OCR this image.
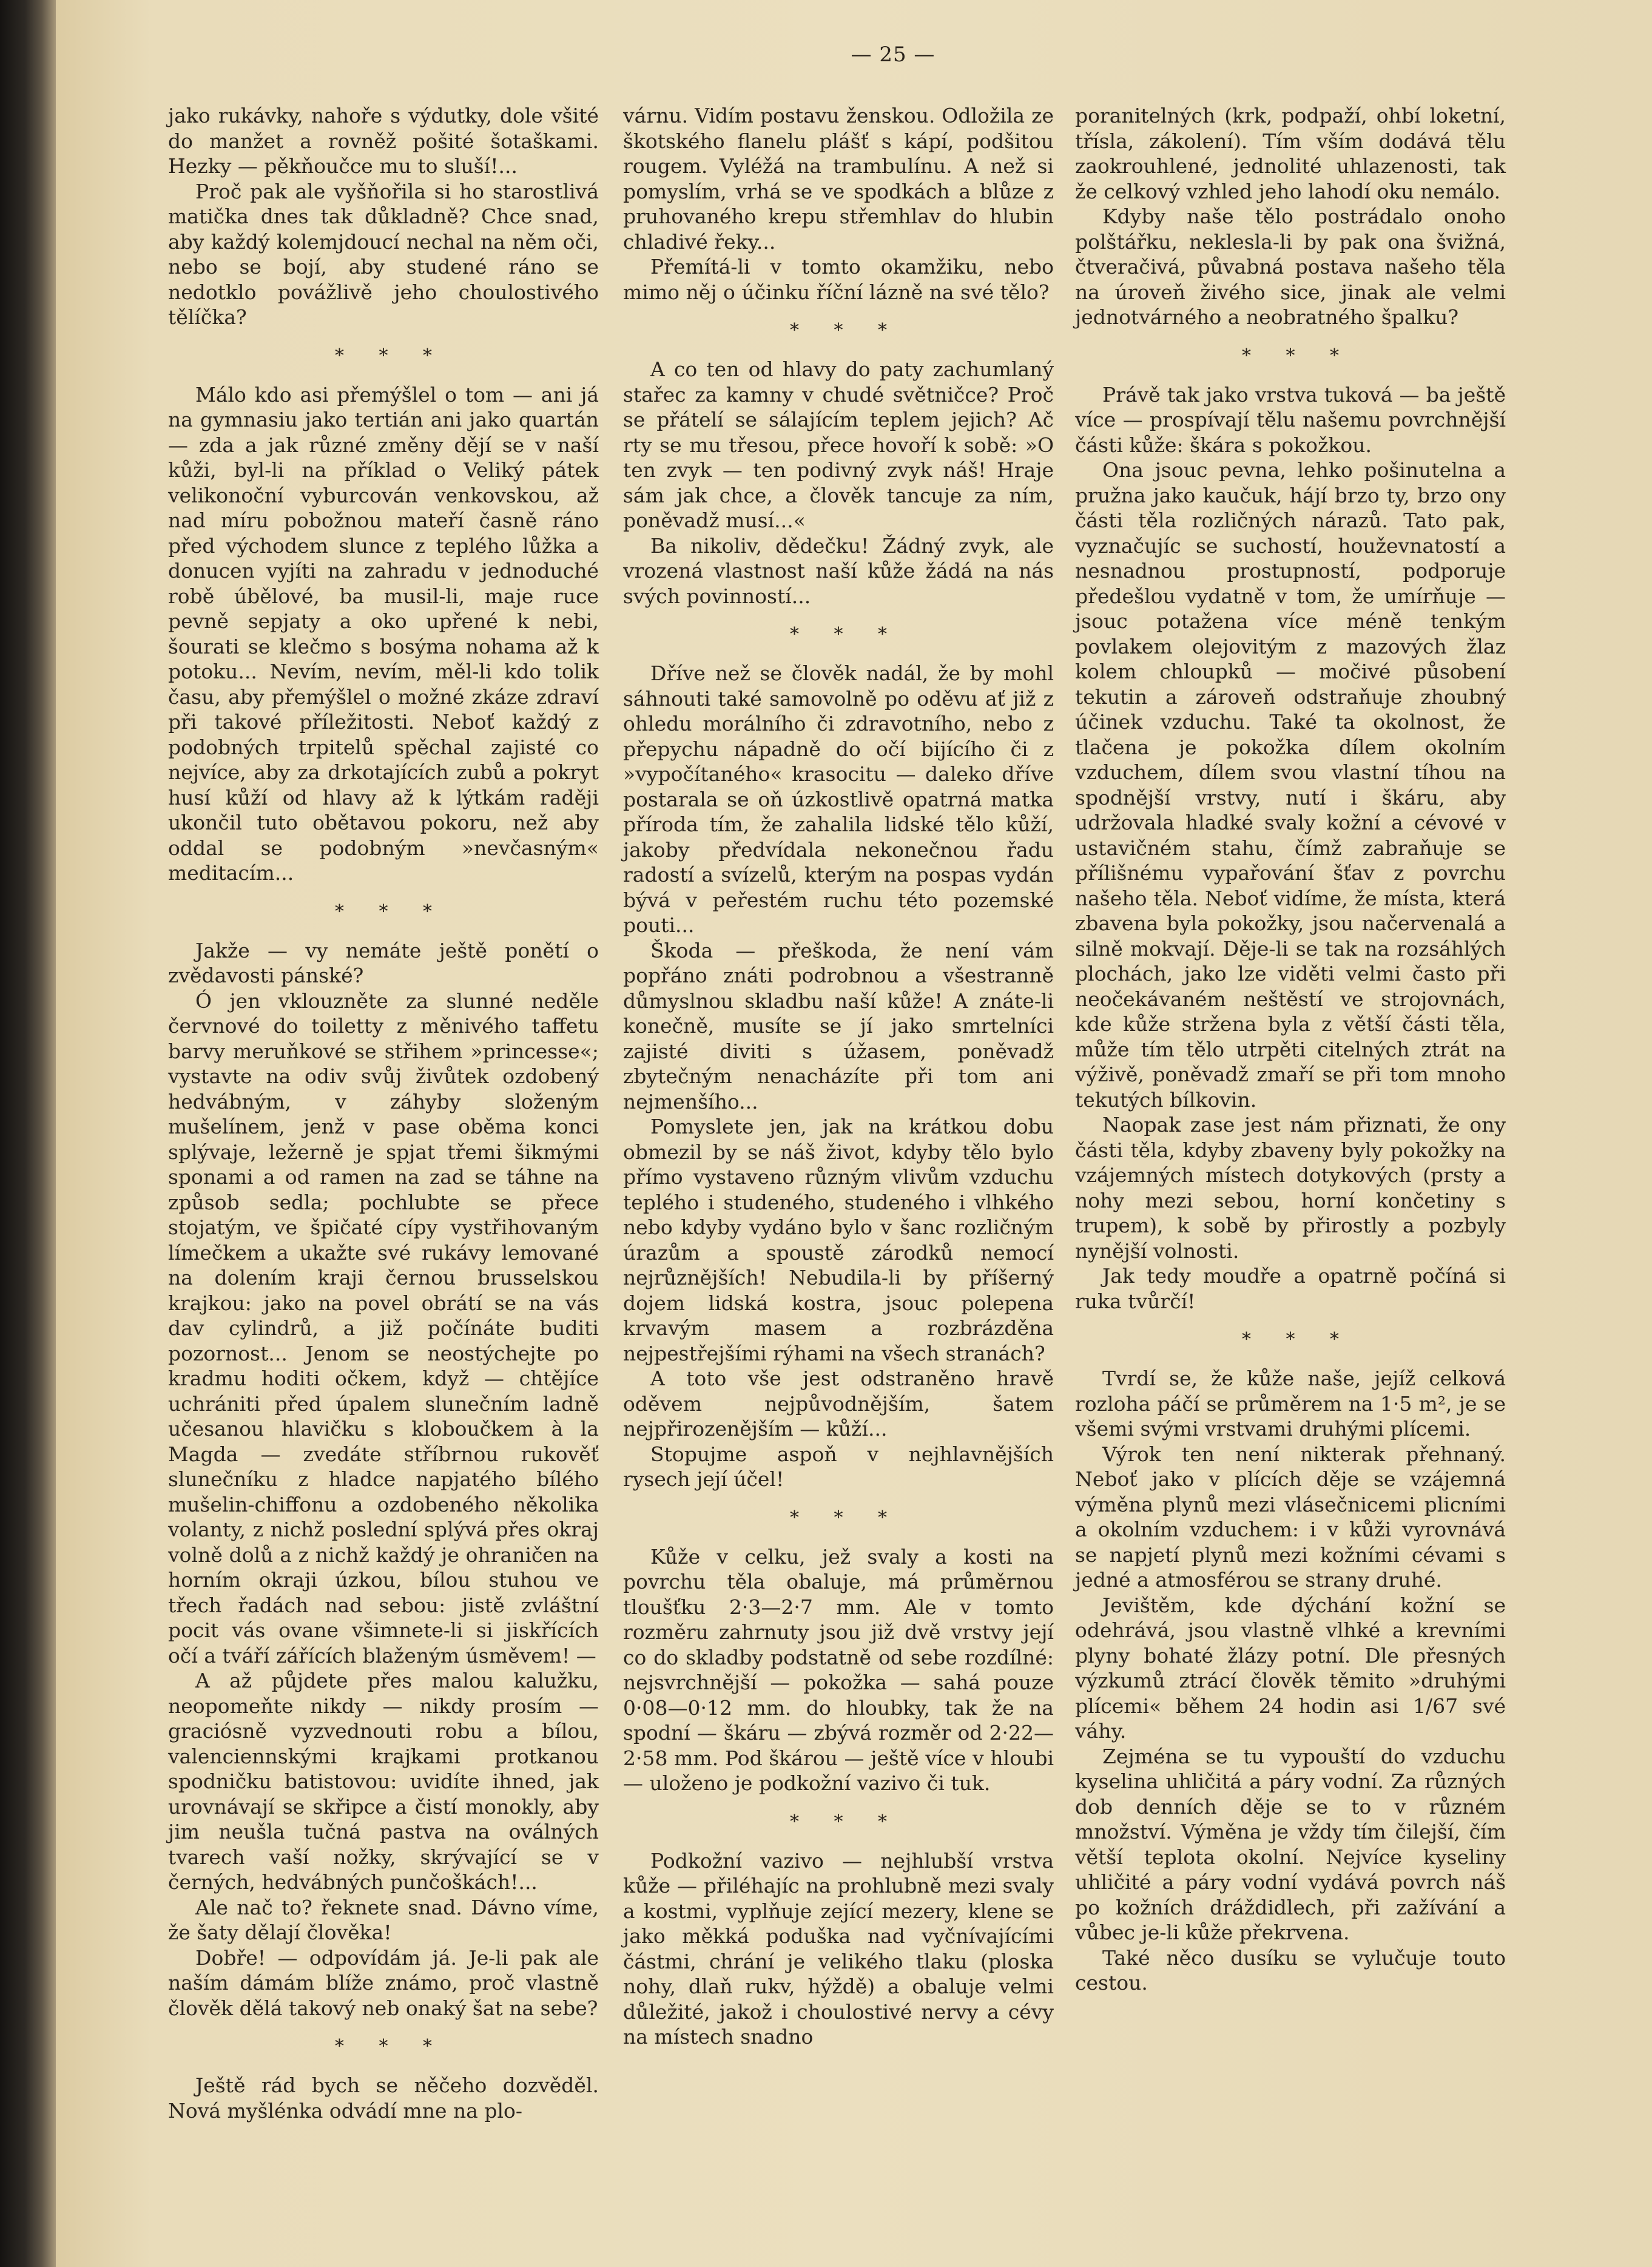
— 25 —

jako rukávky, nahoře s výdutky, dole všité do manžet a rovněž pošité šotaškami. Hezky — pěkňoučce mu to sluší!...

Proč pak ale vyšňořila si ho starostlivá matička dnes tak důkladně? Chce snad, aby každý kolemjdoucí nechal na něm oči, nebo se bojí, aby studené ráno se nedotklo povážlivě jeho choulostivého tělíčka?

* * *

Málo kdo asi přemýšlel o tom — ani já na gymnasiu jako tertián ani jako quartán — zda a jak různé změny dějí se v naší kůži, byl-li na příklad o Veliký pátek velikonoční vyburcován venkovskou, až nad míru pobožnou mateří časně ráno před východem slunce z teplého lůžka a donucen vyjíti na zahradu v jednoduché robě úbělové, ba musil-li, maje ruce pevně sepjaty a oko upřené k nebi, šourati se klečmo s bosýma nohama až k potoku... Nevím, nevím, měl-li kdo tolik času, aby přemýšlel o možné zkáze zdraví při takové příležitosti. Neboť každý z podobných trpitelů spěchal zajisté co nejvíce, aby za drkotajících zubů a pokryt husí kůží od hlavy až k lýtkám raději ukončil tuto obětavou pokoru, než aby oddal se podobným »nevčasným« meditacím...

* * *

Jakže — vy nemáte ještě ponětí o zvědavosti pánské?

Ó jen vklouzněte za slunné neděle červnové do toiletty z měnivého taffetu barvy meruňkové se střihem »princesse«; vystavte na odiv svůj živůtek ozdobený hedvábným, v záhyby složeným mušelínem, jenž v pase oběma konci splývaje, ležerně je spjat třemi šikmými sponami a od ramen na zad se táhne na způsob sedla; pochlubte se přece stojatým, ve špičaté cípy vystřihovaným límečkem a ukažte své rukávy lemované na dolením kraji černou brusselskou krajkou: jako na povel obrátí se na vás dav cylindrů, a již počínáte buditi pozornost... Jenom se neostýchejte po kradmu hoditi očkem, když — chtějíce uchrániti před úpalem slunečním ladně učesanou hlavičku s kloboučkem à la Magda — zvedáte stříbrnou rukověť slunečníku z hladce napjatého bílého mušelin-chiffonu a ozdobeného několika volanty, z nichž poslední splývá přes okraj volně dolů a z nichž každý je ohraničen na horním okraji úzkou, bílou stuhou ve třech řadách nad sebou: jistě zvláštní pocit vás ovane všimnete-li si jiskřících očí a tváří zářících blaženým úsměvem! —

A až půjdete přes malou kalužku, neopomeňte nikdy — nikdy prosím — graciósně vyzvednouti robu a bílou, valenciennskými krajkami protkanou spodničku batistovou: uvidíte ihned, jak urovnávají se skřipce a čistí monokly, aby jim neušla tučná pastva na oválných tvarech vaší nožky, skrývající se v černých, hedvábných punčoškách!...

Ale nač to? řeknete snad. Dávno víme, že šaty dělají člověka!

Dobře! — odpovídám já. Je-li pak ale naším dámám blíže známo, proč vlastně člověk dělá takový neb onaký šat na sebe?

* * *

Ještě rád bych se něčeho dozvěděl. Nová myšlénka odvádí mne na plo-

várnu. Vidím postavu ženskou. Odložila ze škotského flanelu plášť s kápí, podšitou rougem. Vyléžá na trambulínu. A než si pomyslím, vrhá se ve spodkách a blůze z pruhovaného krepu střemhlav do hlubin chladivé řeky...

Přemítá-li v tomto okamžiku, nebo mimo něj o účinku říční lázně na své tělo?

* * *

A co ten od hlavy do paty zachumlaný stařec za kamny v chudé světničce? Proč se přátelí se sálajícím teplem jejich? Ač rty se mu třesou, přece hovoří k sobě: »O ten zvyk — ten podivný zvyk náš! Hraje sám jak chce, a člověk tancuje za ním, poněvadž musí...«

Ba nikoliv, dědečku! Žádný zvyk, ale vrozená vlastnost naší kůže žádá na nás svých povinností...

* * *

Dříve než se člověk nadál, že by mohl sáhnouti také samovolně po oděvu ať již z ohledu morálního či zdravotního, nebo z přepychu nápadně do očí bijícího či z »vypočítaného« krasocitu — daleko dříve postarala se oň úzkostlivě opatrná matka příroda tím, že zahalila lidské tělo kůží, jakoby předvídala nekonečnou řadu radostí a svízelů, kterým na pospas vydán bývá v peřestém ruchu této pozemské pouti...

Škoda — přeškoda, že není vám popřáno znáti podrobnou a všestranně důmyslnou skladbu naší kůže! A znáte-li konečně, musíte se jí jako smrtelníci zajisté diviti s úžasem, poněvadž zbytečným nenacházíte při tom ani nejmenšího...

Pomyslete jen, jak na krátkou dobu obmezil by se náš život, kdyby tělo bylo přímo vystaveno různým vlivům vzduchu teplého i studeného, studeného i vlhkého nebo kdyby vydáno bylo v šanc rozličným úrazům a spoustě zárodků nemocí nejrůznějších! Nebudila-li by příšerný dojem lidská kostra, jsouc polepena krvavým masem a rozbrázděna nejpestřejšími rýhami na všech stranách?

A toto vše jest odstraněno hravě oděvem nejpůvodnějším, šatem nejpřirozenějším — kůží...

Stopujme aspoň v nejhlavnějších rysech její účel!

* * *

Kůže v celku, jež svaly a kosti na povrchu těla obaluje, má průměrnou tloušťku 2·3—2·7 mm. Ale v tomto rozměru zahrnuty jsou již dvě vrstvy její co do skladby podstatně od sebe rozdílné: nejsvrchnější — pokožka — sahá pouze 0·08—0·12 mm. do hloubky, tak že na spodní — škáru — zbývá rozměr od 2·22—2·58 mm. Pod škárou — ještě více v hloubi — uloženo je podkožní vazivo či tuk.

* * *

Podkožní vazivo — nejhlubší vrstva kůže — přiléhajíc na prohlubně mezi svaly a kostmi, vyplňuje zející mezery, klene se jako měkká poduška nad vyčnívajícími částmi, chrání je velikého tlaku (ploska nohy, dlaň rukv, hýždě) a obaluje velmi důležité, jakož i choulostivé nervy a cévy na místech snadno

poranitelných (krk, podpaží, ohbí loketní, tříslа, zákolení). Tím vším dodává tělu zaokrouhlené, jednolité uhlazenosti, tak že celkový vzhled jeho lahodí oku nemálo.

Kdyby naše tělo postrádalo onoho polštářku, neklesla-li by pak ona švižná, čtveračivá, půvabná postava našeho těla na úroveň živého sice, jinak ale velmi jednotvárného a neobratného špalku?

* * *

Právě tak jako vrstva tuková — ba ještě více — prospívají tělu našemu povrchnější části kůže: škára s pokožkou.

Ona jsouc pevna, lehko pošinutelna a pružna jako kaučuk, hájí brzo ty, brzo ony části těla rozličných nárazů. Tato pak, vyznačujíc se suchostí, houževnatostí a nesnadnou prostupností, podporuje předešlou vydatně v tom, že umírňuje — jsouc potažena více méně tenkým povlakem olejovitým z mazových žlaz kolem chloupků — močivé působení tekutin a zároveň odstraňuje zhoubný účinek vzduchu. Také ta okolnost, že tlačena je pokožka dílem okolním vzduchem, dílem svou vlastní tíhou na spodnější vrstvy, nutí i škáru, aby udržovala hladké svaly kožní a cévové v ustavičném stahu, čímž zabraňuje se přílišnému vypařování šťav z povrchu našeho těla. Neboť vidíme, že místa, která zbavena byla pokožky, jsou načervenalá a silně mokvají. Děje-li se tak na rozsáhlých plochách, jako lze viděti velmi často při neočekávaném neštěstí ve strojovnách, kde kůže stržena byla z větší části těla, může tím tělo utrpěti citelných ztrát na výživě, poněvadž zmaří se při tom mnoho tekutých bílkovin.

Naopak zase jest nám přiznati, že ony části těla, kdyby zbaveny byly pokožky na vzájemných místech dotykových (prsty a nohy mezi sebou, horní končetiny s trupem), k sobě by přirostly a pozbyly nynější volnosti.

Jak tedy moudře a opatrně počíná si ruka tvůrčí!

* * *

Tvrdí se, že kůže naše, jejíž celková rozloha páčí se průměrem na 1·5 m², je se všemi svými vrstvami druhými plícemi.

Výrok ten není nikterak přehnaný. Neboť jako v plících děje se vzájemná výměna plynů mezi vlásečnicemi plicními a okolním vzduchem: i v kůži vyrovnává se napjetí plynů mezi kožními cévami s jedné a atmosférou se strany druhé.

Jevištěm, kde dýchání kožní se odehrává, jsou vlastně vlhké a krevními plyny bohaté žlázy potní. Dle přesných výzkumů ztrácí člověk těmito »druhými plícemi« během 24 hodin asi 1/67 své váhy.

Zejména se tu vypouští do vzduchu kyselina uhličitá a páry vodní. Za různých dob denních děje se to v různém množství. Výměna je vždy tím čilejší, čím větší teplota okolní. Nejvíce kyseliny uhličité a páry vodní vydává povrch náš po kožních dráždidlech, při zažívání a vůbec je-li kůže překrvena.

Také něco dusíku se vylučuje touto cestou.
